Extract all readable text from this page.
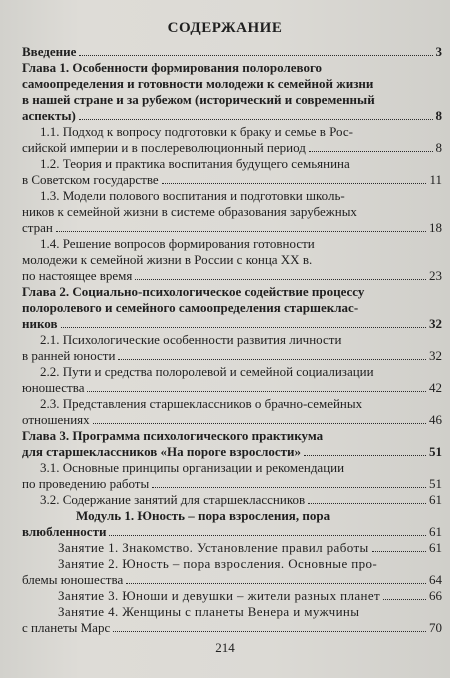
СОДЕРЖАНИЕ
Введение	3
Глава 1. Особенности формирования полоролевого
самоопределения и готовности молодежи к семейной жизни
в нашей стране и за рубежом (исторический и современный
аспекты)	8
1.1. Подход к вопросу подготовки к браку и семье в Рос-
сийской империи и в послереволюционный период	8
1.2. Теория и практика воспитания будущего семьянина
в Советском государстве	11
1.3. Модели полового воспитания и подготовки школь-
ников к семейной жизни в системе образования зарубежных
стран	18
1.4. Решение вопросов формирования готовности
молодежи к семейной жизни в России с конца XX в.
по настоящее время	23
Глава 2. Социально-психологическое содействие процессу
полоролевого и семейного самоопределения старшеклас-
ников	32
2.1. Психологические особенности развития личности
в ранней юности	32
2.2. Пути и средства полоролевой и семейной социализации
юношества	42
2.3. Представления старшеклассников о брачно-семейных
отношениях	46
Глава 3. Программа психологического практикума
для старшеклассников «На пороге взрослости»	51
3.1. Основные принципы организации и рекомендации
по проведению работы	51
3.2. Содержание занятий для старшеклассников	61
Модуль 1. Юность – пора взросления, пора
влюбленности	61
Занятие 1. Знакомство. Установление правил работы	61
Занятие 2. Юность – пора взросления. Основные про-
блемы юношества	64
Занятие 3. Юноши и девушки – жители разных планет	66
Занятие 4. Женщины с планеты Венера и мужчины
с планеты Марс	70
214
